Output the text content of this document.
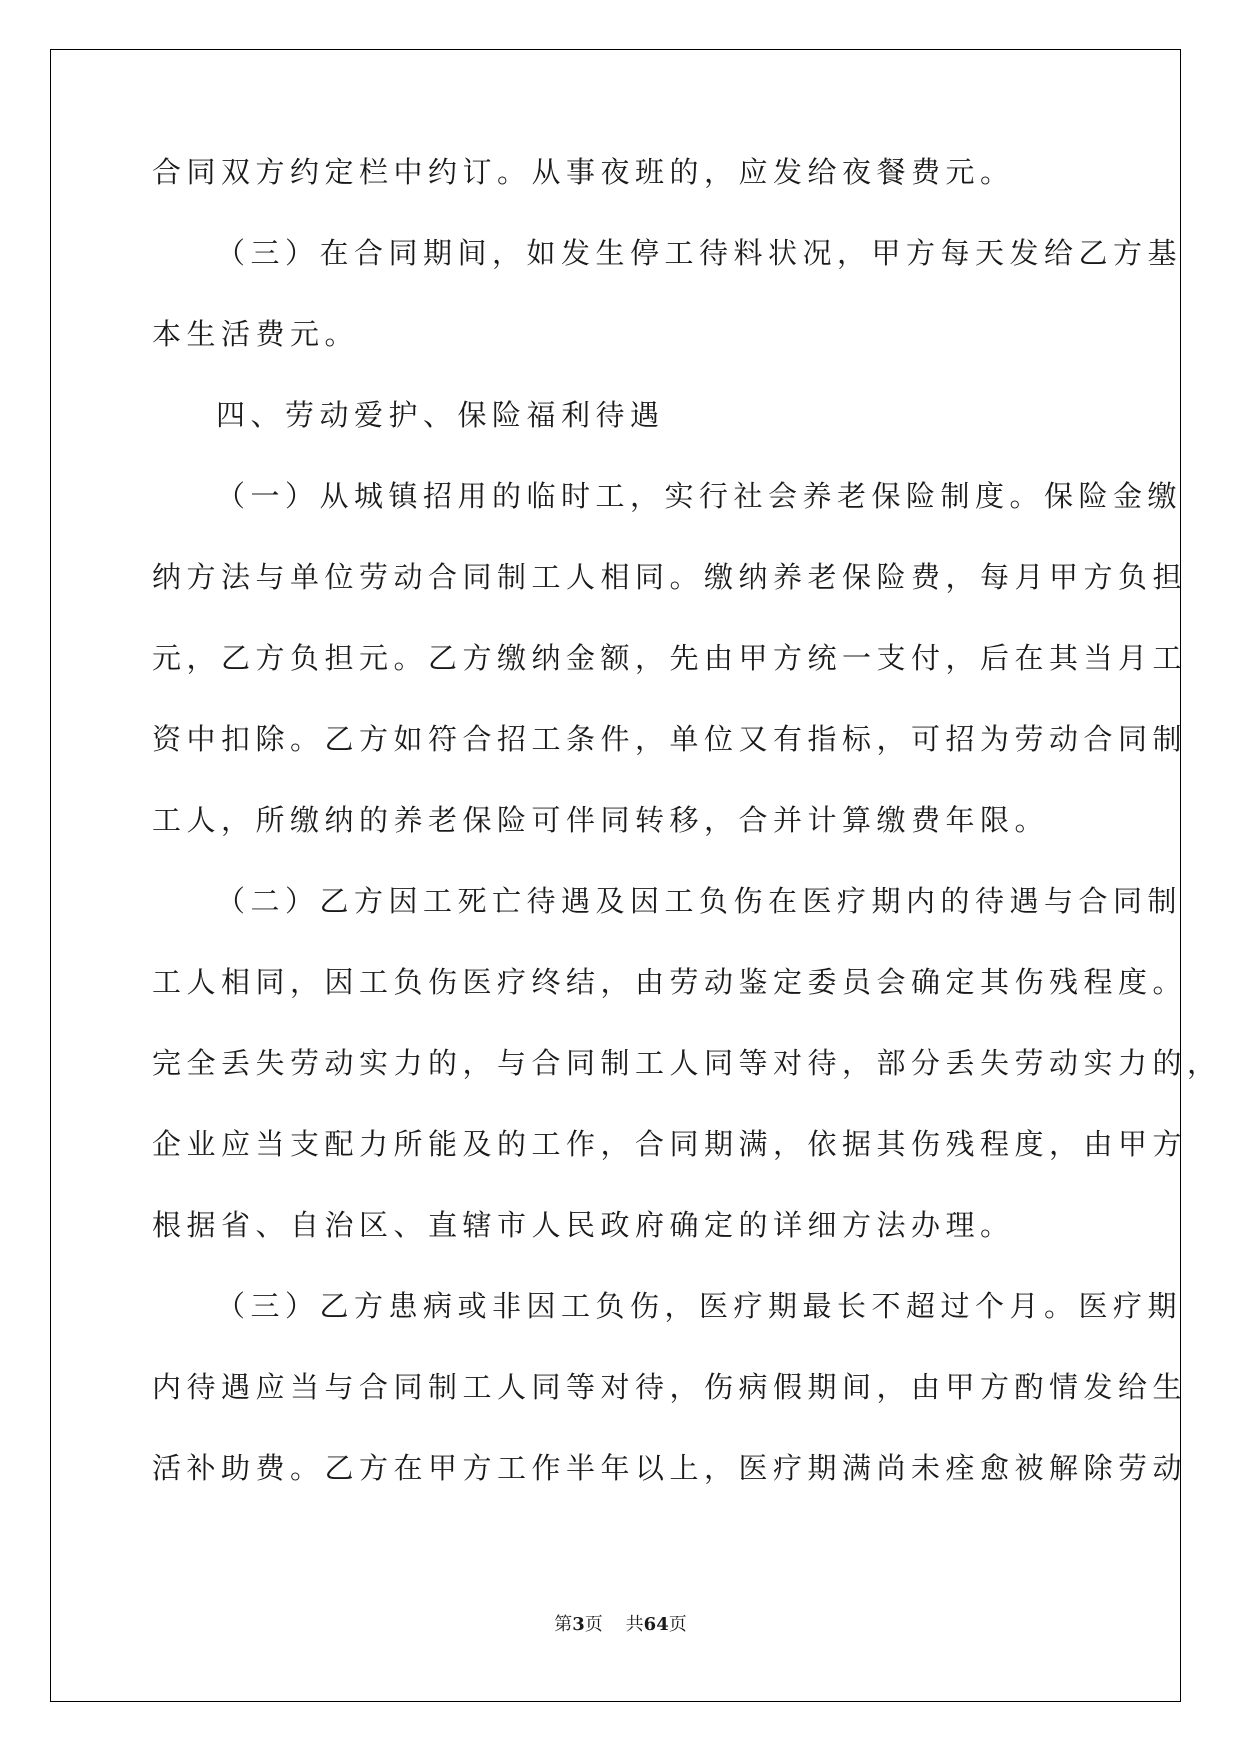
合同双方约定栏中约订。从事夜班的，应发给夜餐费元。
（三）在合同期间，如发生停工待料状况，甲方每天发给乙方基
本生活费元。
四、劳动爱护、保险福利待遇
（一）从城镇招用的临时工，实行社会养老保险制度。保险金缴
纳方法与单位劳动合同制工人相同。缴纳养老保险费，每月甲方负担
元，乙方负担元。乙方缴纳金额，先由甲方统一支付，后在其当月工
资中扣除。乙方如符合招工条件，单位又有指标，可招为劳动合同制
工人，所缴纳的养老保险可伴同转移，合并计算缴费年限。
（二）乙方因工死亡待遇及因工负伤在医疗期内的待遇与合同制
工人相同，因工负伤医疗终结，由劳动鉴定委员会确定其伤残程度。
完全丢失劳动实力的，与合同制工人同等对待，部分丢失劳动实力的，
企业应当支配力所能及的工作，合同期满，依据其伤残程度，由甲方
根据省、自治区、直辖市人民政府确定的详细方法办理。
（三）乙方患病或非因工负伤，医疗期最长不超过个月。医疗期
内待遇应当与合同制工人同等对待，伤病假期间，由甲方酌情发给生
活补助费。乙方在甲方工作半年以上，医疗期满尚未痊愈被解除劳动
第3页    共64页
